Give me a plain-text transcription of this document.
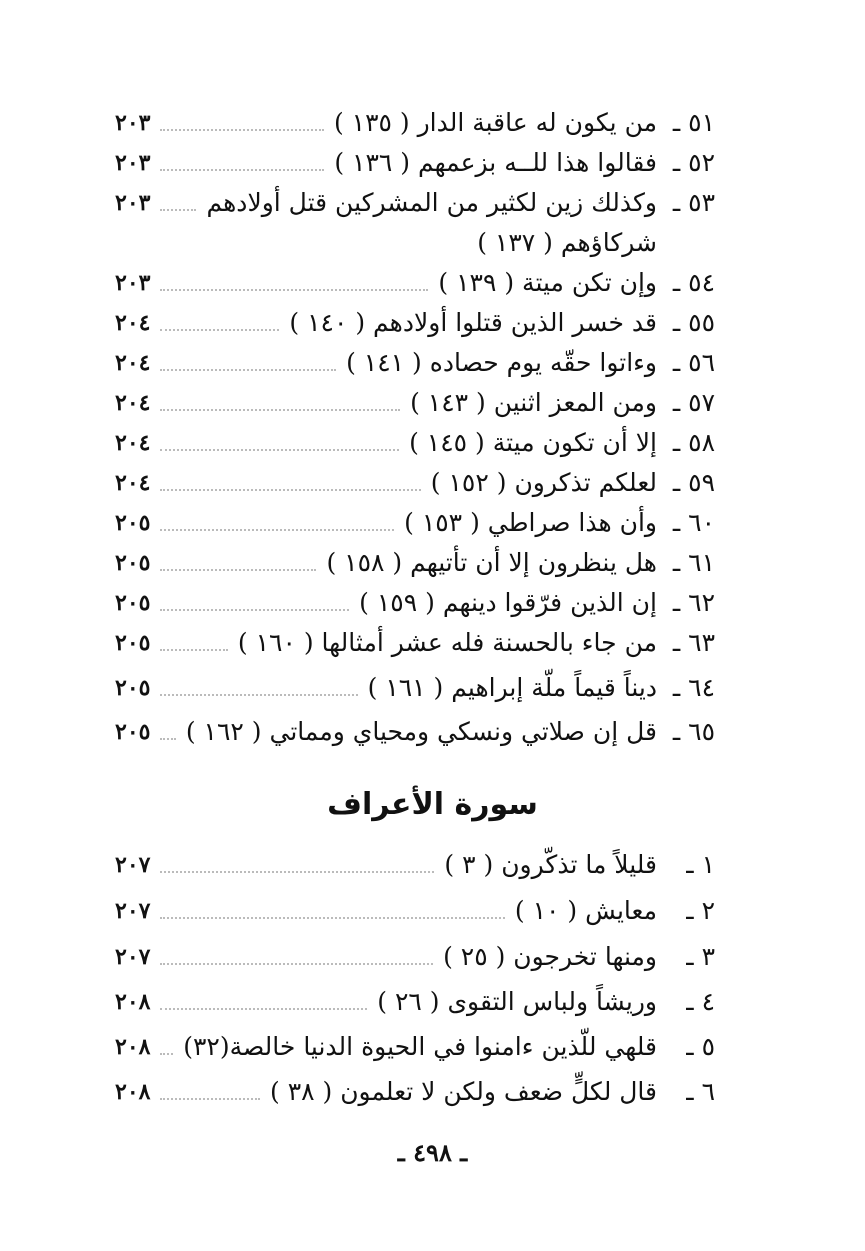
٥١ ـ
من يكون له عاقبة الدار ( ١٣٥ )
٢٠٣
٥٢ ـ
فقالوا هذا للــه بزعمهم ( ١٣٦ )
٢٠٣
٥٣ ـ
وكذلك زين لكثير من المشركين قتل أولادهم
٢٠٣
شركاؤهم ( ١٣٧ )
٥٤ ـ
وإن تكن ميتة ( ١٣٩ )
٢٠٣
٥٥ ـ
قد خسر الذين قتلوا أولادهم ( ١٤٠ )
٢٠٤
٥٦ ـ
وءاتوا حقّه يوم حصاده ( ١٤١ )
٢٠٤
٥٧ ـ
ومن المعز اثنين ( ١٤٣ )
٢٠٤
٥٨ ـ
إلا أن تكون ميتة ( ١٤٥ )
٢٠٤
٥٩ ـ
لعلكم تذكرون ( ١٥٢ )
٢٠٤
٦٠ ـ
وأن هذا صراطي ( ١٥٣ )
٢٠٥
٦١ ـ
هل ينظرون إلا أن تأتيهم ( ١٥٨ )
٢٠٥
٦٢ ـ
إن الذين فرّقوا دينهم ( ١٥٩ )
٢٠٥
٦٣ ـ
من جاء بالحسنة فله عشر أمثالها ( ١٦٠ )
٢٠٥
٦٤ ـ
ديناً قيماً ملّة إبراهيم ( ١٦١ )
٢٠٥
٦٥ ـ
قل إن صلاتي ونسكي ومحياي ومماتي ( ١٦٢ )
٢٠٥
سورة الأعراف
١ ـ
قليلاً ما تذكّرون ( ٣ )
٢٠٧
٢ ـ
معايش ( ١٠ )
٢٠٧
٣ ـ
ومنها تخرجون ( ٢٥ )
٢٠٧
٤ ـ
وريشاً ولباس التقوى ( ٢٦ )
٢٠٨
٥ ـ
قلهي للّذين ءامنوا في الحيوة الدنيا خالصة(٣٢)
٢٠٨
٦ ـ
قال لكلٍّ ضعف ولكن لا تعلمون ( ٣٨ )
٢٠٨
ـ ٤٩٨ ـ
